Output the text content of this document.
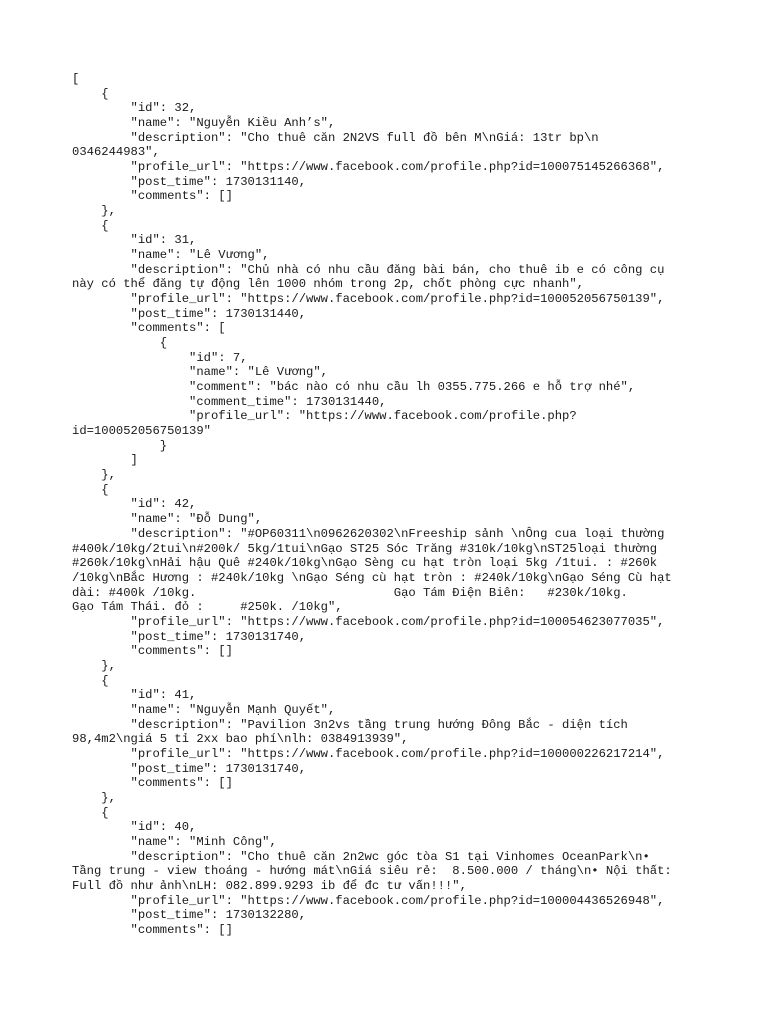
[
{
"id": 32,
"name": "Nguyễn Kiều Anh’s",
"description": "Cho thuê căn 2N2VS full đồ bên M\nGiá: 13tr bp\n
0346244983",
"profile_url": "https://www.facebook.com/profile.php?id=100075145266368",
"post_time": 1730131140,
"comments": []
},
{
"id": 31,
"name": "Lê Vương",
"description": "Chủ nhà có nhu cầu đăng bài bán, cho thuê ib e có công cụ
này có thể đăng tự động lên 1000 nhóm trong 2p, chốt phòng cực nhanh",
"profile_url": "https://www.facebook.com/profile.php?id=100052056750139",
"post_time": 1730131440,
"comments": [
{
"id": 7,
"name": "Lê Vương",
"comment": "bác nào có nhu cầu lh 0355.775.266 e hỗ trợ nhé",
"comment_time": 1730131440,
"profile_url": "https://www.facebook.com/profile.php?
id=100052056750139"
}
]
},
{
"id": 42,
"name": "Đỗ Dung",
"description": "#OP60311\n0962620302\nFreeship sảnh \nÔng cua loại thường
#400k/10kg/2tui\n#200k/ 5kg/1tui\nGạo ST25 Sóc Trăng #310k/10kg\nST25loại thường
#260k/10kg\nHải hậu Quê #240k/10kg\nGạo Sèng cu hạt tròn loại 5kg /1tui. : #260k
/10kg\nBắc Hương : #240k/10kg \nGạo Séng cù hạt tròn : #240k/10kg\nGạo Séng Cù hạt
dài: #400k /10kg.                           Gạo Tám Điện Biên:   #230k/10kg.
Gạo Tám Thái. đỏ :     #250k. /10kg",
"profile_url": "https://www.facebook.com/profile.php?id=100054623077035",
"post_time": 1730131740,
"comments": []
},
{
"id": 41,
"name": "Nguyễn Mạnh Quyết",
"description": "Pavilion 3n2vs tầng trung hướng Đông Bắc - diện tích
98,4m2\ngiá 5 tỉ 2xx bao phí\nlh: 0384913939",
"profile_url": "https://www.facebook.com/profile.php?id=100000226217214",
"post_time": 1730131740,
"comments": []
},
{
"id": 40,
"name": "Minh Công",
"description": "Cho thuê căn 2n2wc góc tòa S1 tại Vinhomes OceanPark\n•
Tầng trung - view thoáng - hướng mát\nGiá siêu rẻ:  8.500.000 / tháng\n• Nội thất:
Full đồ như ảnh\nLH: 082.899.9293 ib để đc tư vấn!!!",
"profile_url": "https://www.facebook.com/profile.php?id=100004436526948",
"post_time": 1730132280,
"comments": []
